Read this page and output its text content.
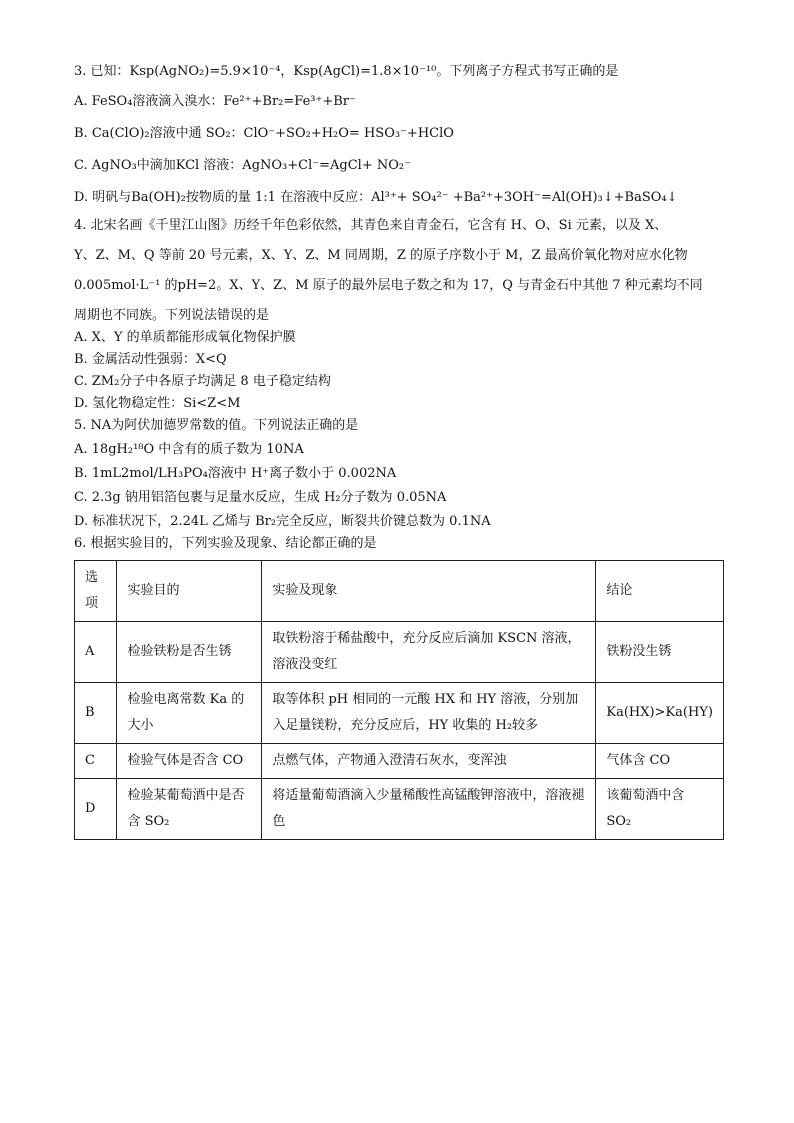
3. 已知：Ksp(AgNO₂)=5.9×10⁻⁴，Ksp(AgCl)=1.8×10⁻¹⁰。下列离子方程式书写正确的是

A. FeSO₄溶液滴入溴水：Fe²⁺+Br₂=Fe³⁺+Br⁻

B. Ca(ClO)₂溶液中通 SO₂：ClO⁻+SO₂+H₂O= HSO₃⁻+HClO

C. AgNO₃中滴加KCl 溶液：AgNO₃+Cl⁻=AgCl+ NO₂⁻

D. 明矾与Ba(OH)₂按物质的量 1:1 在溶液中反应：Al³⁺+ SO₄²⁻ +Ba²⁺+3OH⁻=Al(OH)₃↓+BaSO₄↓

4. 北宋名画《千里江山图》历经千年色彩依然，其青色来自青金石，它含有 H、O、Si 元素，以及 X、

Y、Z、M、Q 等前 20 号元素，X、Y、Z、M 同周期，Z 的原子序数小于 M，Z 最高价氧化物对应水化物

0.005mol·L⁻¹ 的pH=2。X、Y、Z、M 原子的最外层电子数之和为 17，Q 与青金石中其他 7 种元素均不同

周期也不同族。下列说法错误的是

A. X、Y 的单质都能形成氧化物保护膜

B. 金属活动性强弱：X<Q

C. ZM₂分子中各原子均满足 8 电子稳定结构

D. 氢化物稳定性：Si<Z<M

5. NA为阿伏加德罗常数的值。下列说法正确的是

A. 18gH₂¹⁸O 中含有的质子数为 10NA

B. 1mL2mol/LH₃PO₄溶液中 H⁺离子数小于 0.002NA

C. 2.3g 钠用铝箔包裹与足量水反应，生成 H₂分子数为 0.05NA

D. 标准状况下，2.24L 乙烯与 Br₂完全反应，断裂共价键总数为 0.1NA

6. 根据实验目的，下列实验及现象、结论都正确的是

选项	实验目的	实验及现象	结论
A	检验铁粉是否生锈	取铁粉溶于稀盐酸中，充分反应后滴加 KSCN 溶液，溶液没变红	铁粉没生锈
B	检验电离常数 Ka 的大小	取等体积 pH 相同的一元酸 HX 和 HY 溶液，分别加入足量镁粉，充分反应后，HY 收集的 H₂较多	Ka(HX)>Ka(HY)
C	检验气体是否含 CO	点燃气体，产物通入澄清石灰水，变浑浊	气体含 CO
D	检验某葡萄酒中是否含 SO₂	将适量葡萄酒滴入少量稀酸性高锰酸钾溶液中，溶液褪色	该葡萄酒中含 SO₂
